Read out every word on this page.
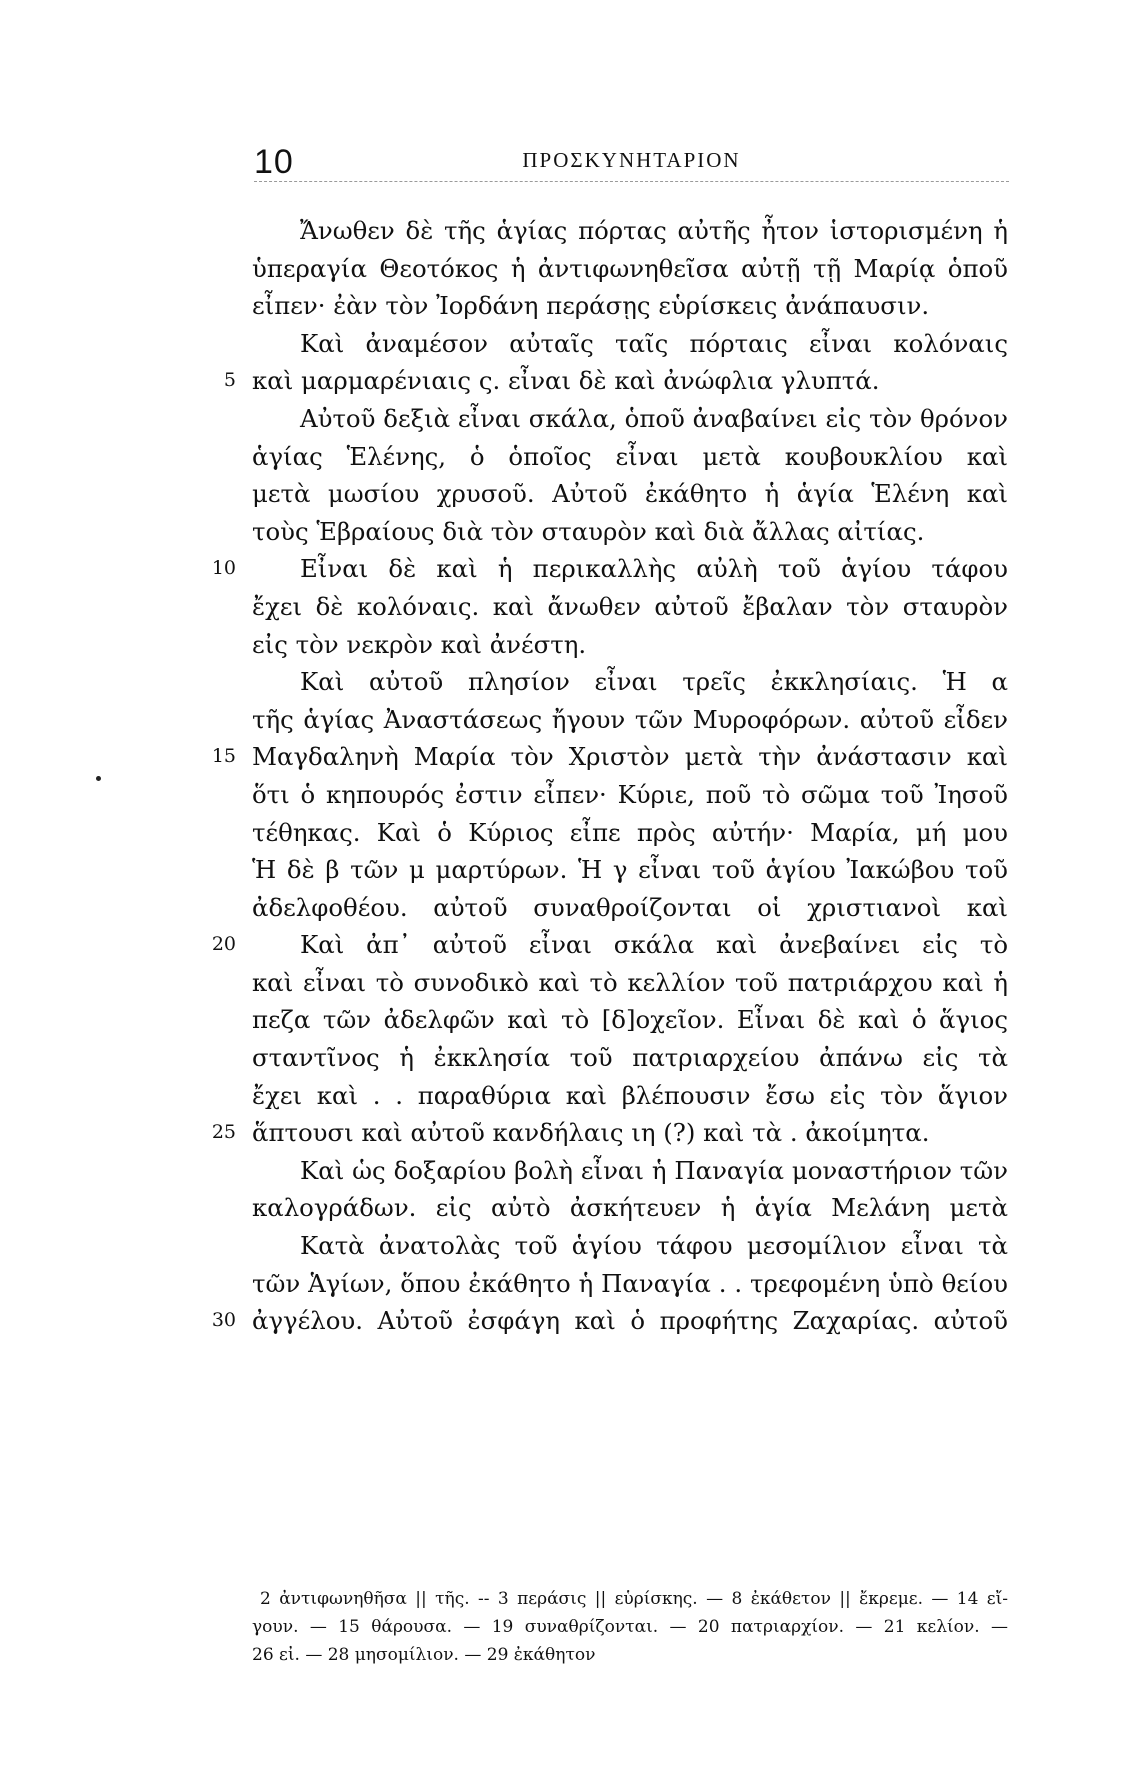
10	ΠΡΟΣΚΥΝΗΤΑΡΙΟΝ
Ἄνωθεν δὲ τῆς ἁγίας πόρτας αὐτῆς ἦτον ἱστορισμένη ἡ
ὑπεραγία Θεοτόκος ἡ ἀντιφωνηθεῖσα αὐτῇ τῇ Μαρίᾳ ὁποῦ
εἶπεν· ἐὰν τὸν Ἰορδάνη περάσῃς εὑρίσκεις ἀνάπαυσιν.
Καὶ ἀναμέσον αὐταῖς ταῖς πόρταις εἶναι κολόναις
5 καὶ μαρμαρένιαις ς. εἶναι δὲ καὶ ἀνώφλια γλυπτά.
Αὐτοῦ δεξιὰ εἶναι σκάλα, ὁποῦ ἀναβαίνει εἰς τὸν θρόνον
ἁγίας Ἑλένης, ὁ ὁποῖος εἶναι μετὰ κουβουκλίου καὶ
μετὰ μωσίου χρυσοῦ. Αὐτοῦ ἐκάθητο ἡ ἁγία Ἑλένη καὶ
τοὺς Ἑβραίους διὰ τὸν σταυρὸν καὶ διὰ ἄλλας αἰτίας.
10	Εἶναι δὲ καὶ ἡ περικαλλὴς αὐλὴ τοῦ ἁγίου τάφου
ἔχει δὲ κολόναις. καὶ ἄνωθεν αὐτοῦ ἔβαλαν τὸν σταυρὸν
εἰς τὸν νεκρὸν καὶ ἀνέστη.
Καὶ αὐτοῦ πλησίον εἶναι τρεῖς ἐκκλησίαις. Ἡ α
τῆς ἁγίας Ἀναστάσεως ἤγουν τῶν Μυροφόρων. αὐτοῦ εἶδεν
15 Μαγδαληνὴ Μαρία τὸν Χριστὸν μετὰ τὴν ἀνάστασιν καὶ
ὅτι ὁ κηπουρός ἐστιν εἶπεν· Κύριε, ποῦ τὸ σῶμα τοῦ Ἰησοῦ
τέθηκας. Καὶ ὁ Κύριος εἶπε πρὸς αὐτήν· Μαρία, μή μου
Ἡ δὲ β τῶν μ μαρτύρων. Ἡ γ εἶναι τοῦ ἁγίου Ἰακώβου τοῦ
ἀδελφοθέου. αὐτοῦ συναθροίζονται οἱ χριστιανοὶ καὶ
20	Καὶ ἀπ᾽ αὐτοῦ εἶναι σκάλα καὶ ἀνεβαίνει εἰς τὸ
καὶ εἶναι τὸ συνοδικὸ καὶ τὸ κελλίον τοῦ πατριάρχου καὶ ἡ
πεζα τῶν ἀδελφῶν καὶ τὸ [δ]οχεῖον. Εἶναι δὲ καὶ ὁ ἅγιος
σταντῖνος ἡ ἐκκλησία τοῦ πατριαρχείου ἀπάνω εἰς τὰ
ἔχει καὶ . . παραθύρια καὶ βλέπουσιν ἔσω εἰς τὸν ἅγιον
25 ἅπτουσι καὶ αὐτοῦ κανδήλαις ιη (?) καὶ τὰ . ἀκοίμητα.
Καὶ ὡς δοξαρίου βολὴ εἶναι ἡ Παναγία μοναστήριον τῶν
καλογράδων. εἰς αὐτὸ ἀσκήτευεν ἡ ἁγία Μελάνη μετὰ
Κατὰ ἀνατολὰς τοῦ ἁγίου τάφου μεσομίλιον εἶναι τὰ
τῶν Ἁγίων, ὅπου ἐκάθητο ἡ Παναγία . . τρεφομένη ὑπὸ θείου
30 ἀγγέλου. Αὐτοῦ ἐσφάγη καὶ ὁ προφήτης Ζαχαρίας. αὐτοῦ
2 ἀντιφωνηθῆσα || τῆς. -- 3 περάσις || εὑρίσκης. — 8 ἐκάθετον || ἔκρεμε. — 14 εἴ-
γουν. — 15 θάρουσα. — 19 συναθρίζονται. — 20 πατριαρχίον. — 21 κελίον. —
26 εἰ. — 28 μησομίλιον. — 29 ἐκάθητον
